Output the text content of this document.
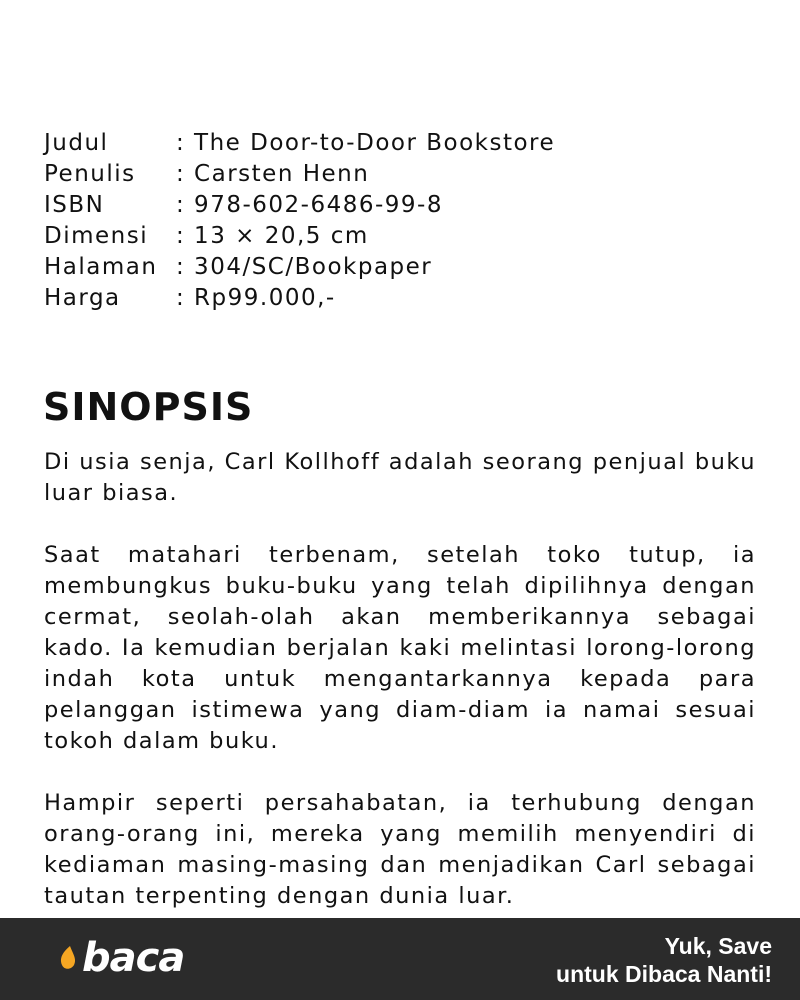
Judul	: The Door-to-Door Bookstore
Penulis	: Carsten Henn
ISBN	: 978-602-6486-99-8
Dimensi	: 13 × 20,5 cm
Halaman : 304/SC/Bookpaper
Harga	: Rp99.000,-
SINOPSIS

Di usia senja, Carl Kollhoff adalah seorang penjual buku luar biasa.

Saat matahari terbenam, setelah toko tutup, ia membungkus buku-buku yang telah dipilihnya dengan cermat, seolah-olah akan memberikannya sebagai kado. Ia kemudian berjalan kaki melintasi lorong-lorong indah kota untuk mengantarkannya kepada para pelanggan istimewa yang diam-diam ia namai sesuai tokoh dalam buku.

Hampir seperti persahabatan, ia terhubung dengan orang-orang ini, mereka yang memilih menyendiri di kediaman masing-masing dan menjadikan Carl sebagai tautan terpenting dengan dunia luar.

baca	Yuk, Save
untuk Dibaca Nanti!
